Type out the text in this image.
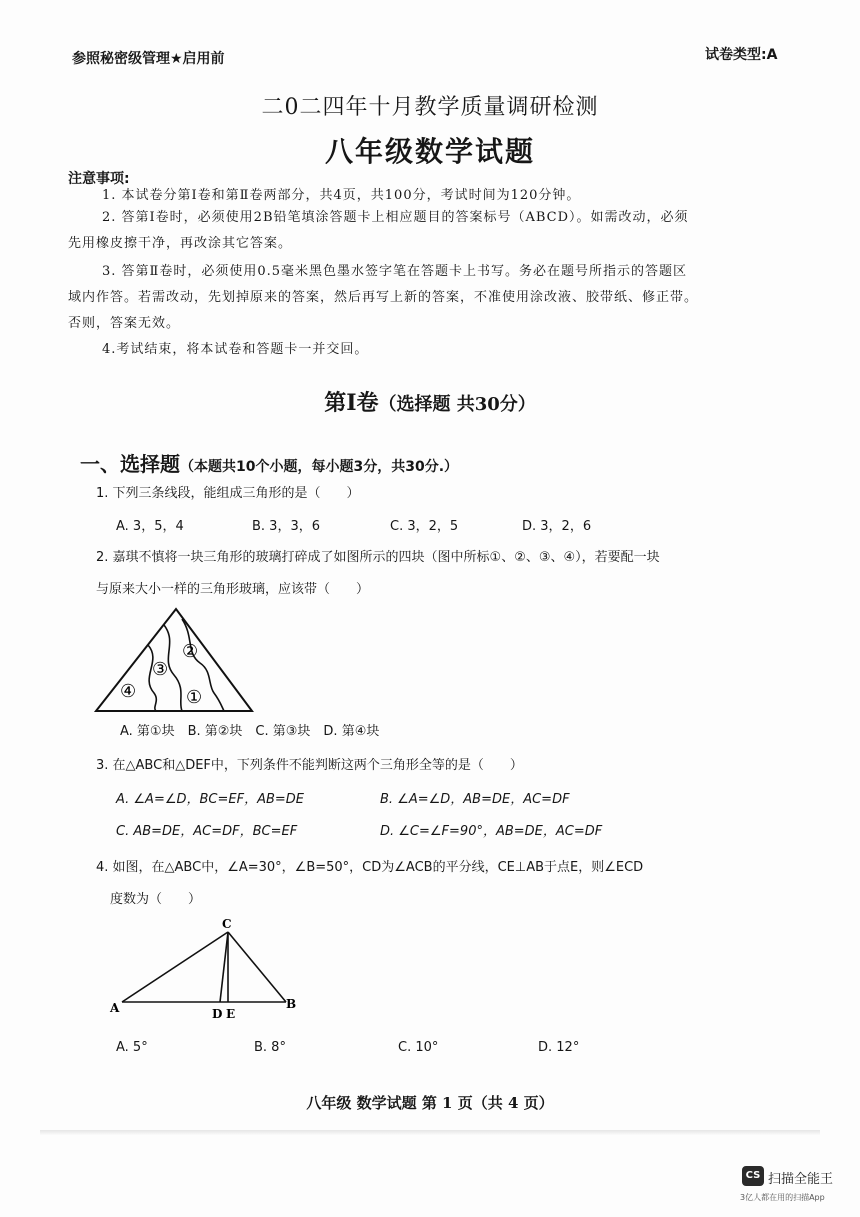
参照秘密级管理★启用前	试卷类型:A
二0二四年十月教学质量调研检测
八年级数学试题
注意事项:
1. 本试卷分第Ⅰ卷和第Ⅱ卷两部分，共4页，共100分，考试时间为120分钟。
2. 答第Ⅰ卷时，必须使用2B铅笔填涂答题卡上相应题目的答案标号（ABCD）。如需改动，必须
先用橡皮擦干净，再改涂其它答案。
3. 答第Ⅱ卷时，必须使用0.5毫米黑色墨水签字笔在答题卡上书写。务必在题号所指示的答题区
域内作答。若需改动，先划掉原来的答案，然后再写上新的答案，不准使用涂改液、胶带纸、修正带。
否则，答案无效。
4.考试结束，将本试卷和答题卡一并交回。
第Ⅰ卷（选择题 共30分）
一、选择题（本题共10个小题，每小题3分，共30分.）
1. 下列三条线段，能组成三角形的是（　　）
A. 3，5，4	B. 3，3，6	C. 3，2，5	D. 3，2，6
2. 嘉琪不慎将一块三角形的玻璃打碎成了如图所示的四块（图中所标①、②、③、④），若要配一块
与原来大小一样的三角形玻璃，应该带（　　）
①
②
③
④
A. 第①块　B. 第②块　C. 第③块　D. 第④块
3. 在△ABC和△DEF中，下列条件不能判断这两个三角形全等的是（　　）
A. ∠A=∠D，BC=EF，AB=DE	B. ∠A=∠D，AB=DE，AC=DF
C. AB=DE，AC=DF，BC=EF	D. ∠C=∠F=90°，AB=DE，AC=DF
4. 如图，在△ABC中，∠A=30°，∠B=50°，CD为∠ACB的平分线，CE⊥AB于点E，则∠ECD
度数为（　　）
C
A	B
D E
A. 5°	B. 8°	C. 10°	D. 12°
八年级 数学试题 第 1 页（共 4 页）
CS 扫描全能王
3亿人都在用的扫描App
